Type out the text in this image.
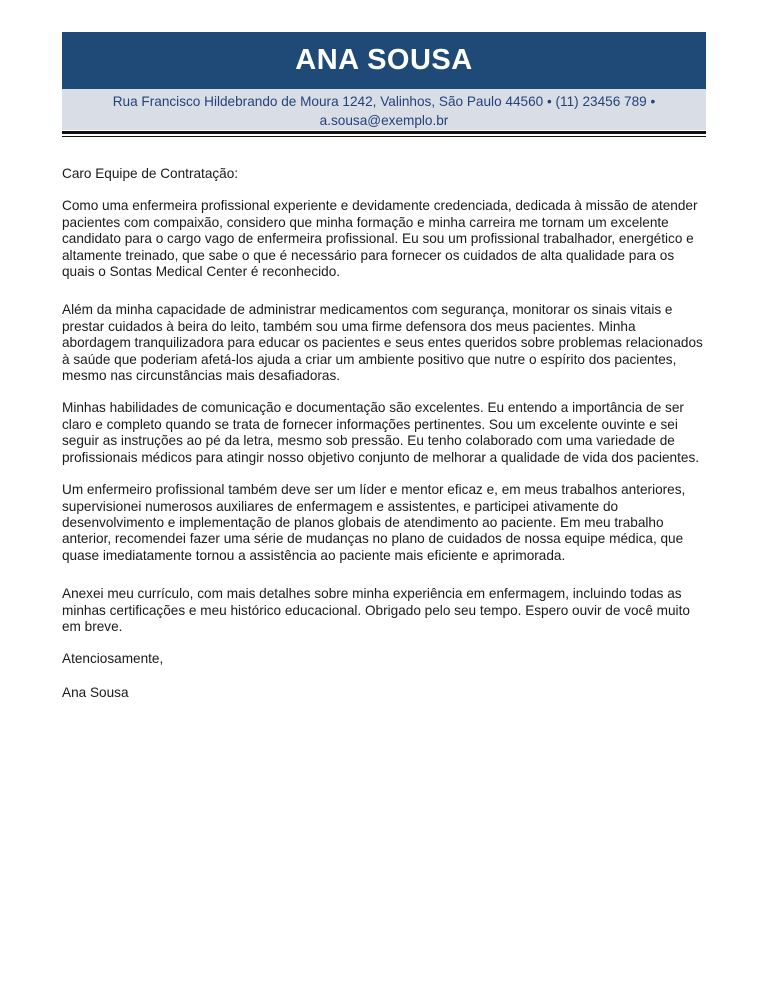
ANA SOUSA
Rua Francisco Hildebrando de Moura 1242, Valinhos, São Paulo 44560 • (11) 23456 789 •
a.sousa@exemplo.br

Caro Equipe de Contratação:

Como uma enfermeira profissional experiente e devidamente credenciada, dedicada à missão de atender pacientes com compaixão, considero que minha formação e minha carreira me tornam um excelente candidato para o cargo vago de enfermeira profissional. Eu sou um profissional trabalhador, energético e altamente treinado, que sabe o que é necessário para fornecer os cuidados de alta qualidade para os quais o Sontas Medical Center é reconhecido.

Além da minha capacidade de administrar medicamentos com segurança, monitorar os sinais vitais e prestar cuidados à beira do leito, também sou uma firme defensora dos meus pacientes. Minha abordagem tranquilizadora para educar os pacientes e seus entes queridos sobre problemas relacionados à saúde que poderiam afetá-los ajuda a criar um ambiente positivo que nutre o espírito dos pacientes, mesmo nas circunstâncias mais desafiadoras.

Minhas habilidades de comunicação e documentação são excelentes. Eu entendo a importância de ser claro e completo quando se trata de fornecer informações pertinentes. Sou um excelente ouvinte e sei seguir as instruções ao pé da letra, mesmo sob pressão. Eu tenho colaborado com uma variedade de profissionais médicos para atingir nosso objetivo conjunto de melhorar a qualidade de vida dos pacientes.

Um enfermeiro profissional também deve ser um líder e mentor eficaz e, em meus trabalhos anteriores, supervisionei numerosos auxiliares de enfermagem e assistentes, e participei ativamente do desenvolvimento e implementação de planos globais de atendimento ao paciente. Em meu trabalho anterior, recomendei fazer uma série de mudanças no plano de cuidados de nossa equipe médica, que quase imediatamente tornou a assistência ao paciente mais eficiente e aprimorada.

Anexei meu currículo, com mais detalhes sobre minha experiência em enfermagem, incluindo todas as minhas certificações e meu histórico educacional. Obrigado pelo seu tempo. Espero ouvir de você muito em breve.

Atenciosamente,

Ana Sousa
